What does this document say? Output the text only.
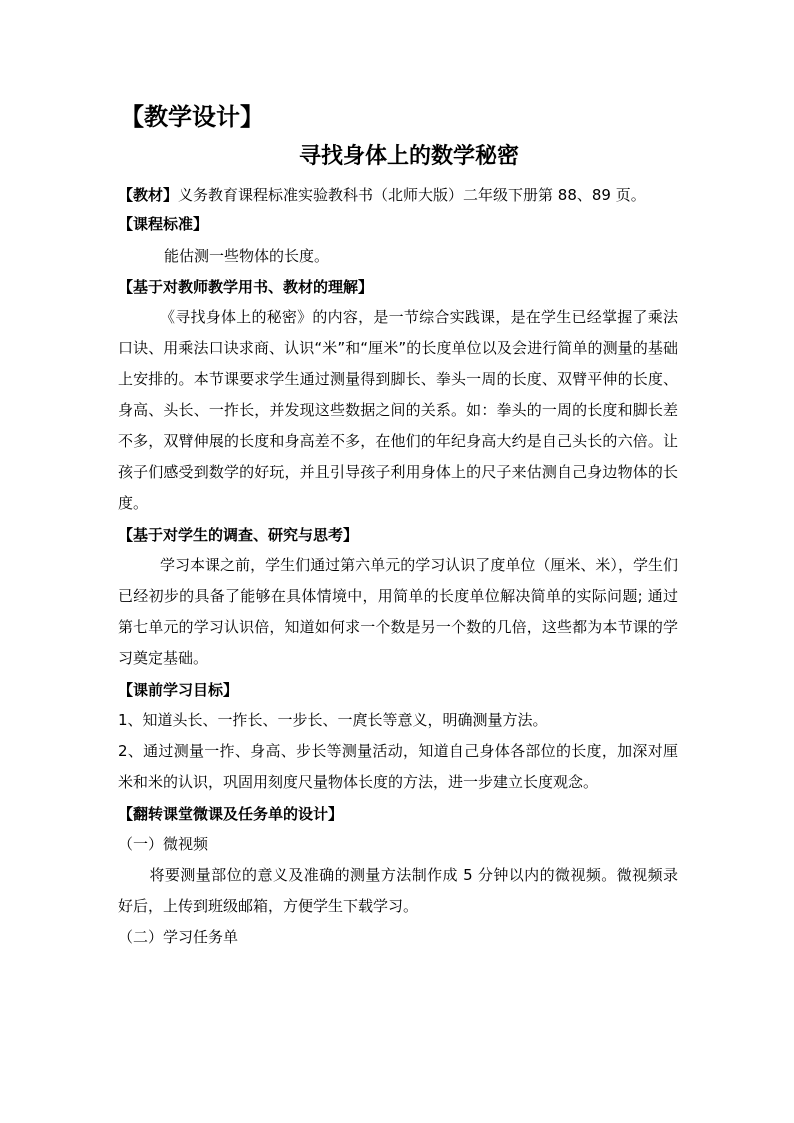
【教学设计】
寻找身体上的数学秘密
【教材】义务教育课程标准实验教科书（北师大版）二年级下册第 88、89 页。
【课程标准】
能估测一些物体的长度。
【基于对教师教学用书、教材的理解】
《寻找身体上的秘密》的内容，是一节综合实践课，是在学生已经掌握了乘法口诀、用乘法口诀求商、认识“米”和“厘米”的长度单位以及会进行简单的测量的基础上安排的。本节课要求学生通过测量得到脚长、拳头一周的长度、双臂平伸的长度、身高、头长、一拃长，并发现这些数据之间的关系。如：拳头的一周的长度和脚长差不多，双臂伸展的长度和身高差不多，在他们的年纪身高大约是自己头长的六倍。让孩子们感受到数学的好玩，并且引导孩子利用身体上的尺子来估测自己身边物体的长度。
【基于对学生的调查、研究与思考】
学习本课之前，学生们通过第六单元的学习认识了度单位（厘米、米），学生们已经初步的具备了能够在具体情境中，用简单的长度单位解决简单的实际问题; 通过第七单元的学习认识倍，知道如何求一个数是另一个数的几倍，这些都为本节课的学习奠定基础。
【课前学习目标】
1、知道头长、一拃长、一步长、一庹长等意义，明确测量方法。
2、通过测量一拃、身高、步长等测量活动，知道自己身体各部位的长度，加深对厘米和米的认识，巩固用刻度尺量物体长度的方法，进一步建立长度观念。
【翻转课堂微课及任务单的设计】
（一）微视频
将要测量部位的意义及准确的测量方法制作成 5 分钟以内的微视频。微视频录好后，上传到班级邮箱，方便学生下载学习。
（二）学习任务单
